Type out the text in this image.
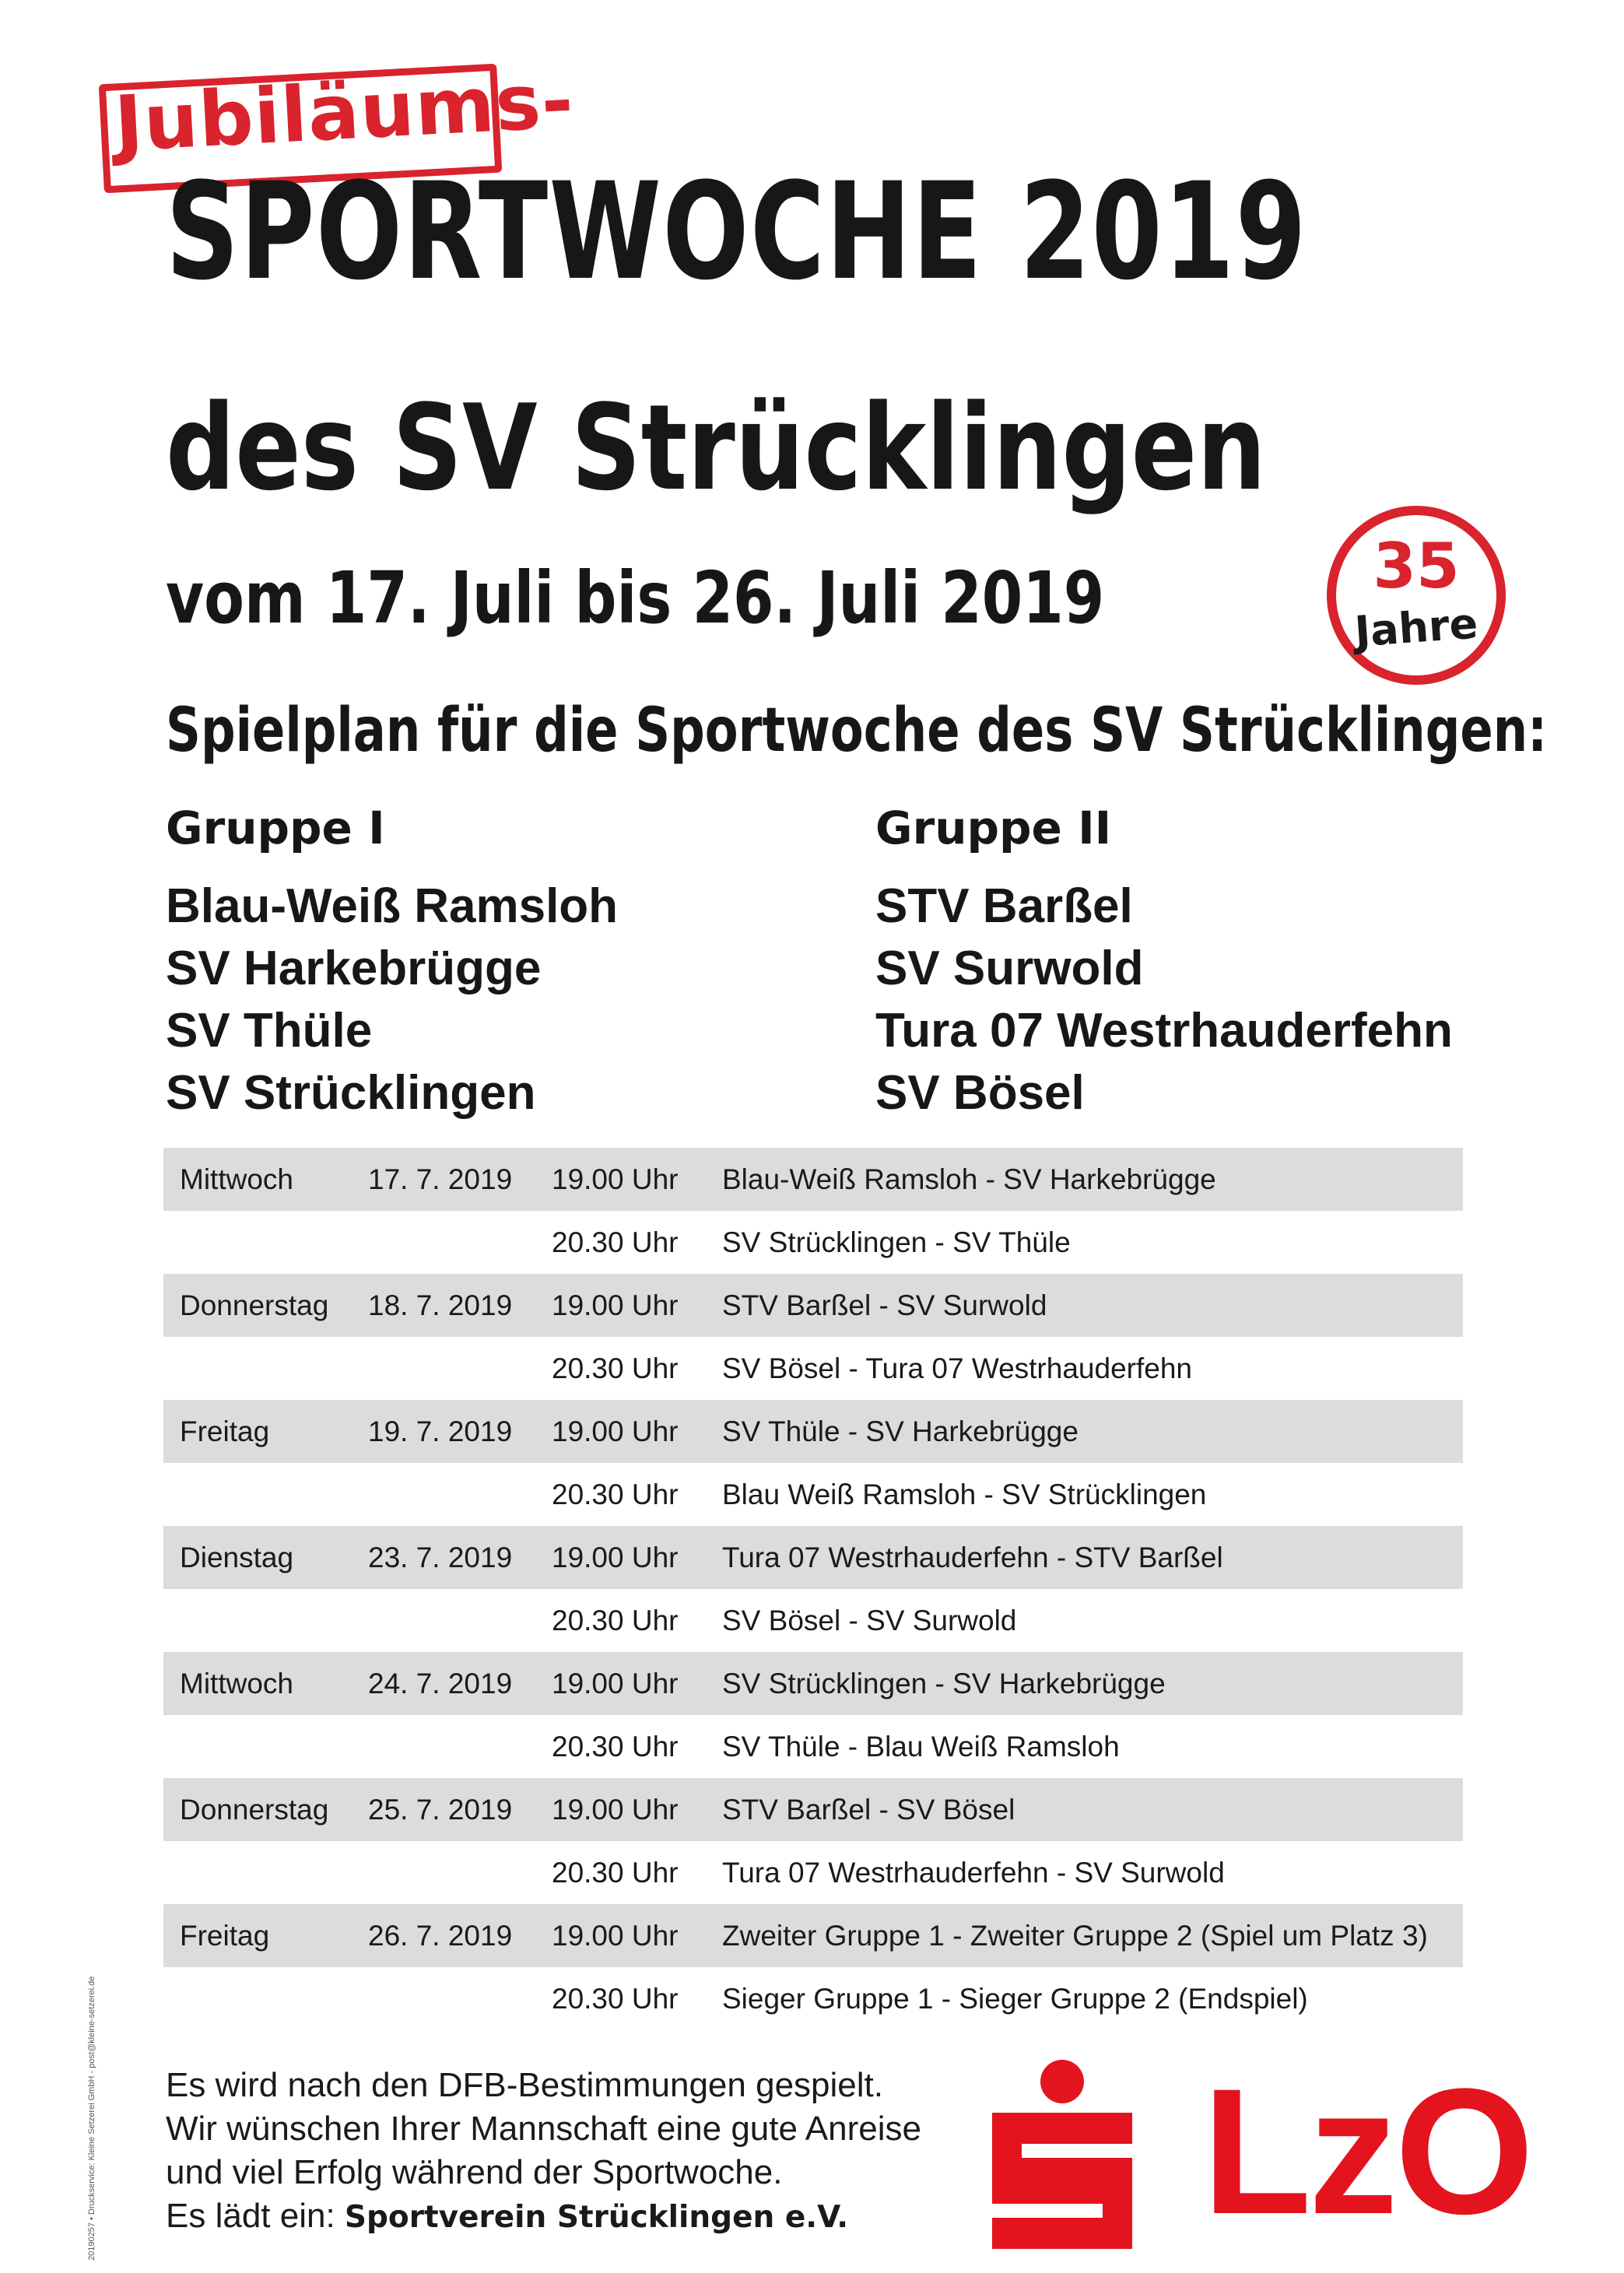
Jubiläums-
SPORTWOCHE 2019
des SV Strücklingen
vom 17. Juli bis 26. Juli 2019	35
Jahre
Spielplan für die Sportwoche des SV Strücklingen:
Gruppe I
Blau-Weiß Ramsloh
SV Harkebrügge
SV Thüle
SV Strücklingen
Gruppe II
STV Barßel
SV Surwold
Tura 07 Westrhauderfehn
SV Bösel
Mittwoch	17. 7. 2019 19.00 Uhr Blau-Weiß Ramsloh - SV Harkebrügge
20.30 Uhr SV Strücklingen - SV Thüle
Donnerstag 18. 7. 2019 19.00 Uhr STV Barßel - SV Surwold
20.30 Uhr SV Bösel - Tura 07 Westrhauderfehn
Freitag	19. 7. 2019 19.00 Uhr SV Thüle - SV Harkebrügge
20.30 Uhr Blau Weiß Ramsloh - SV Strücklingen
Dienstag	23. 7. 2019 19.00 Uhr Tura 07 Westrhauderfehn - STV Barßel
20.30 Uhr SV Bösel - SV Surwold
Mittwoch	24. 7. 2019 19.00 Uhr SV Strücklingen - SV Harkebrügge
20.30 Uhr SV Thüle - Blau Weiß Ramsloh
Donnerstag 25. 7. 2019 19.00 Uhr STV Barßel - SV Bösel
20.30 Uhr Tura 07 Westrhauderfehn - SV Surwold
Freitag	26. 7. 2019 19.00 Uhr Zweiter Gruppe 1 - Zweiter Gruppe 2 (Spiel um Platz 3)
20.30 Uhr Sieger Gruppe 1 - Sieger Gruppe 2 (Endspiel)
Es wird nach den DFB-Bestimmungen gespielt.
Wir wünschen Ihrer Mannschaft eine gute Anreise
und viel Erfolg während der Sportwoche.
Es lädt ein: Sportverein Strücklingen e.V.
20190257 • Druckservice: Kleine Setzerei GmbH - post@kleine-setzerei.de	LzO
